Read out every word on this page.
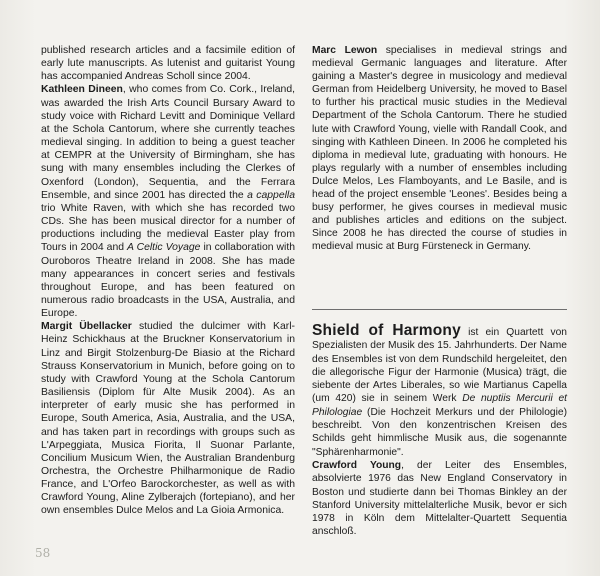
published research articles and a facsimile edition of early lute manuscripts. As lutenist and guitarist Young has accompanied Andreas Scholl since 2004.

Kathleen Dineen, who comes from Co. Cork., Ireland, was awarded the Irish Arts Council Bursary Award to study voice with Richard Levitt and Dominique Vellard at the Schola Cantorum, where she currently teaches medieval singing. In addition to being a guest teacher at CEMPR at the University of Birmingham, she has sung with many ensembles including the Clerkes of Oxenford (London), Sequentia, and the Ferrara Ensemble, and since 2001 has directed the a cappella trio White Raven, with which she has recorded two CDs. She has been musical director for a number of productions including the medieval Easter play from Tours in 2004 and A Celtic Voyage in collaboration with Ouroboros Theatre Ireland in 2008. She has made many appearances in concert series and festivals throughout Europe, and has been featured on numerous radio broadcasts in the USA, Australia, and Europe.

Margit Übellacker studied the dulcimer with Karl-Heinz Schickhaus at the Bruckner Konservatorium in Linz and Birgit Stolzenburg-De Biasio at the Richard Strauss Konservatorium in Munich, before going on to study with Crawford Young at the Schola Cantorum Basiliensis (Diplom für Alte Musik 2004). As an interpreter of early music she has performed in Europe, South America, Asia, Australia, and the USA, and has taken part in recordings with groups such as L'Arpeggiata, Musica Fiorita, Il Suonar Parlante, Concilium Musicum Wien, the Australian Brandenburg Orchestra, the Orchestre Philharmonique de Radio France, and L'Orfeo Barockorchester, as well as with Crawford Young, Aline Zylberajch (fortepiano), and her own ensembles Dulce Melos and La Gioia Armonica.

Marc Lewon specialises in medieval strings and medieval Germanic languages and literature. After gaining a Master's degree in musicology and medieval German from Heidelberg University, he moved to Basel to further his practical music studies in the Medieval Department of the Schola Cantorum. There he studied lute with Crawford Young, vielle with Randall Cook, and singing with Kathleen Dineen. In 2006 he completed his diploma in medieval lute, graduating with honours. He plays regularly with a number of ensembles including Dulce Melos, Les Flamboyants, and Le Basile, and is head of the project ensemble 'Leones'. Besides being a busy performer, he gives courses in medieval music and publishes articles and editions on the subject. Since 2008 he has directed the course of studies in medieval music at Burg Fürsteneck in Germany.

Shield of Harmony ist ein Quartett von Spezialisten der Musik des 15. Jahrhunderts. Der Name des Ensembles ist von dem Rundschild hergeleitet, den die allegorische Figur der Harmonie (Musica) trägt, die siebente der Artes Liberales, so wie Martianus Capella (um 420) sie in seinem Werk De nuptiis Mercurii et Philologiae (Die Hochzeit Merkurs und der Philologie) beschreibt. Von den konzentrischen Kreisen des Schilds geht himmlische Musik aus, die sogenannte "Sphärenharmonie".

Crawford Young, der Leiter des Ensembles, absolvierte 1976 das New England Conservatory in Boston und studierte dann bei Thomas Binkley an der Stanford University mittelalterliche Musik, bevor er sich 1978 in Köln dem Mittelalter-Quartett Sequentia anschloß.

58
